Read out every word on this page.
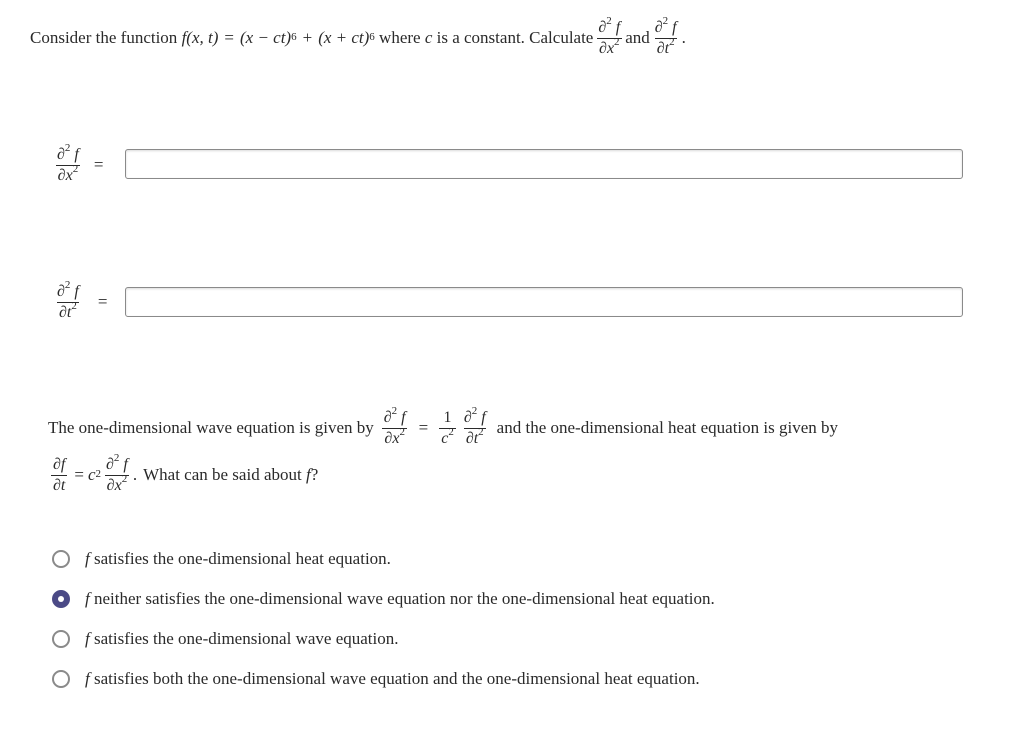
Consider the function
f (x, t) = (x − ct)$^6$ + (x + ct)$^6$ where c is a constant. Calculate $\frac{\partial^2 f}{\partial x^2}$ and $\frac{\partial^2 f}{\partial t^2}$ .
$\frac{\partial^2 f}{\partial x^2}$ =
$\frac{\partial^2 f}{\partial t^2}$ =
The one-dimensional wave equation is given by $\frac{\partial^2 f}{\partial x^2} = \frac{1}{c^2} \frac{\partial^2 f}{\partial t^2}$ and the one-dimensional heat equation is given by
$\frac{\partial f}{\partial t} = c^2 \frac{\partial^2 f}{\partial x^2}$ . What can be said about
f ?
f satisfies the one-dimensional heat equation.
f neither satisfies the one-dimensional wave equation nor the one-dimensional heat equation.
f satisfies the one-dimensional wave equation.
f satisfies both the one-dimensional wave equation and the one-dimensional heat equation.
